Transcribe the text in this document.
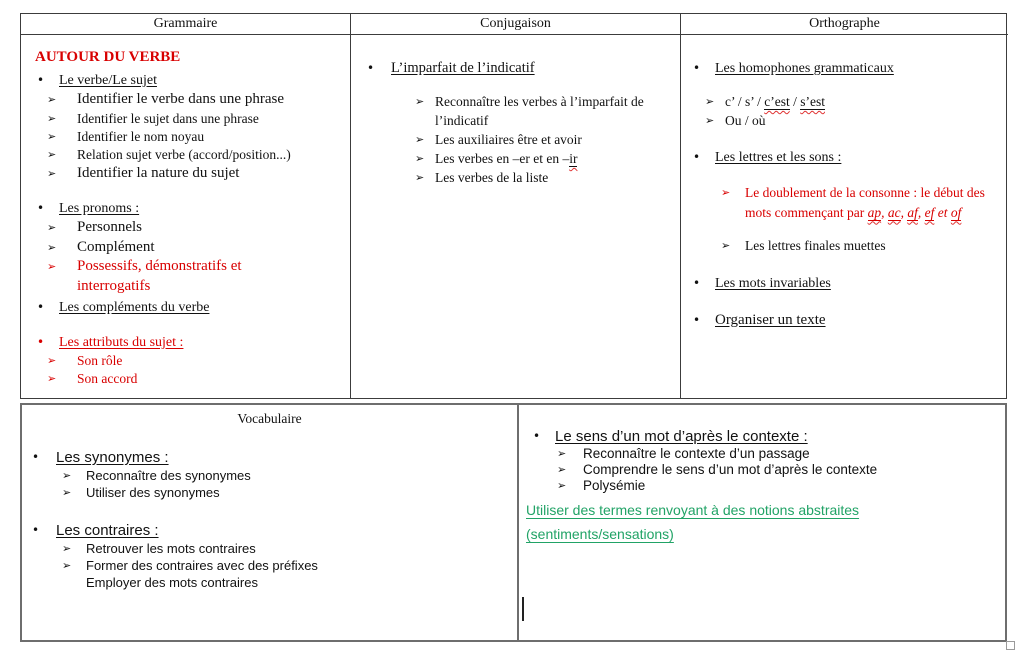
Grammaire	Conjugaison	Orthographe
AUTOUR DU VERBE
•	Le verbe/Le sujet
➢	Identifier le verbe dans une phrase
➢	Identifier le sujet dans une phrase
➢	Identifier le nom noyau
➢	Relation sujet verbe (accord/position...)
➢	Identifier la nature du sujet
•	Les pronoms :
➢	Personnels
➢	Complément
➢	Possessifs, démonstratifs et interrogatifs
•	Les compléments du verbe
•	Les attributs du sujet :
➢	Son rôle
➢	Son accord
•	L’imparfait de l’indicatif
➢ Reconnaître les verbes à l’imparfait de l’indicatif
➢ Les auxiliaires être et avoir
➢ Les verbes en –er et en –ir
➢ Les verbes de la liste
•	Les homophones grammaticaux
➢ c’ / s’ / c’est / s’est
➢ Ou / où
•	Les lettres et les sons :
➢	Le doublement de la consonne : le début des mots commençant par ap, ac, af, ef et of
➢	Les lettres finales muettes
•	Les mots invariables
• Organiser un texte
Vocabulaire
•	Les synonymes :
➢	Reconnaître des synonymes
➢	Utiliser des synonymes
•	Les contraires :
➢	Retrouver les mots contraires
➢	Former des contraires avec des préfixes
Employer des mots contraires
• Le sens d’un mot d’après le contexte :
➢	Reconnaître le contexte d’un passage
➢	Comprendre le sens d’un mot d’après le contexte
➢	Polysémie
Utiliser des termes renvoyant à des notions abstraites (sentiments/sensations)
